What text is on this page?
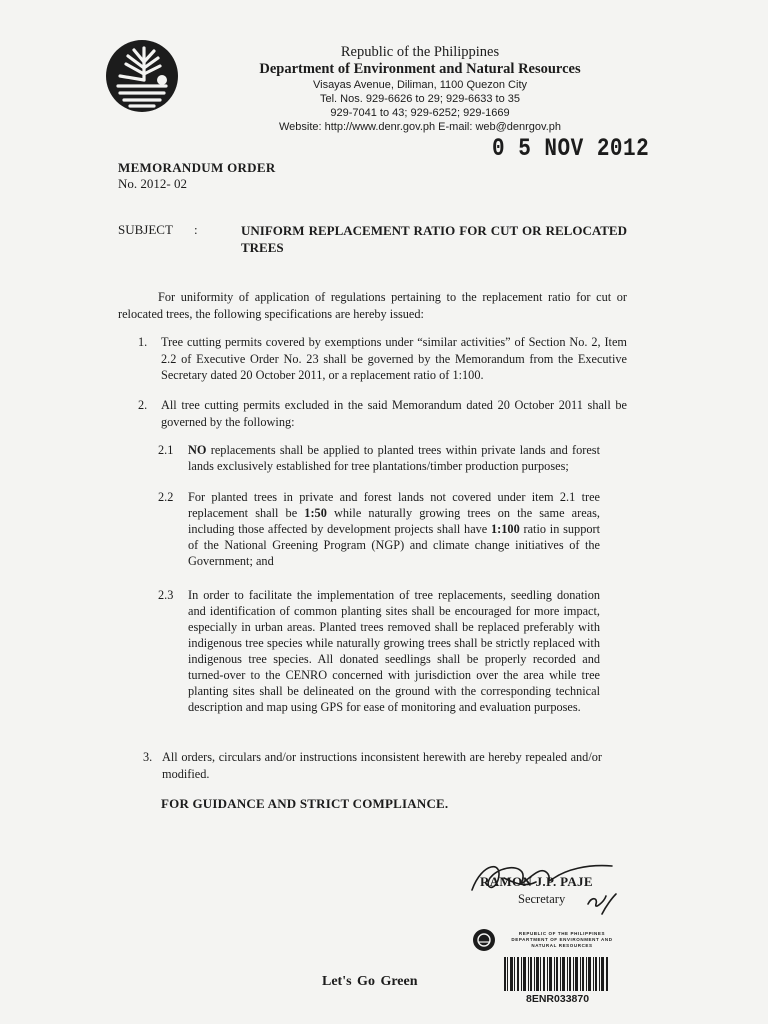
Republic of the Philippines
Department of Environment and Natural Resources
Visayas Avenue, Diliman, 1100 Quezon City
Tel. Nos. 929-6626 to 29; 929-6633 to 35
929-7041 to 43; 929-6252; 929-1669
Website: http://www.denr.gov.ph E-mail: web@denrgov.ph
0 5 NOV 2012
MEMORANDUM ORDER
No. 2012- 02
SUBJECT :	UNIFORM REPLACEMENT RATIO FOR CUT OR RELOCATED TREES
For uniformity of application of regulations pertaining to the replacement ratio for cut or relocated trees, the following specifications are hereby issued:
1. Tree cutting permits covered by exemptions under “similar activities” of Section No. 2, Item 2.2 of Executive Order No. 23 shall be governed by the Memorandum from the Executive Secretary dated 20 October 2011, or a replacement ratio of 1:100.
2. All tree cutting permits excluded in the said Memorandum dated 20 October 2011 shall be governed by the following:
2.1 NO replacements shall be applied to planted trees within private lands and forest lands exclusively established for tree plantations/timber production purposes;
2.2 For planted trees in private and forest lands not covered under item 2.1 tree replacement shall be 1:50 while naturally growing trees on the same areas, including those affected by development projects shall have 1:100 ratio in support of the National Greening Program (NGP) and climate change initiatives of the Government; and
2.3 In order to facilitate the implementation of tree replacements, seedling donation and identification of common planting sites shall be encouraged for more impact, especially in urban areas. Planted trees removed shall be replaced preferably with indigenous tree species while naturally growing trees shall be strictly replaced with indigenous tree species. All donated seedlings shall be properly recorded and turned-over to the CENRO concerned with jurisdiction over the area while tree planting sites shall be delineated on the ground with the corresponding technical description and map using GPS for ease of monitoring and evaluation purposes.
3. All orders, circulars and/or instructions inconsistent herewith are hereby repealed and/or modified.
FOR GUIDANCE AND STRICT COMPLIANCE.
RAMON J.P. PAJE
Secretary
REPUBLIC OF THE PHILIPPINES DEPARTMENT OF ENVIRONMENT AND NATURAL RESOURCES
8ENR033870
Let's Go Green
